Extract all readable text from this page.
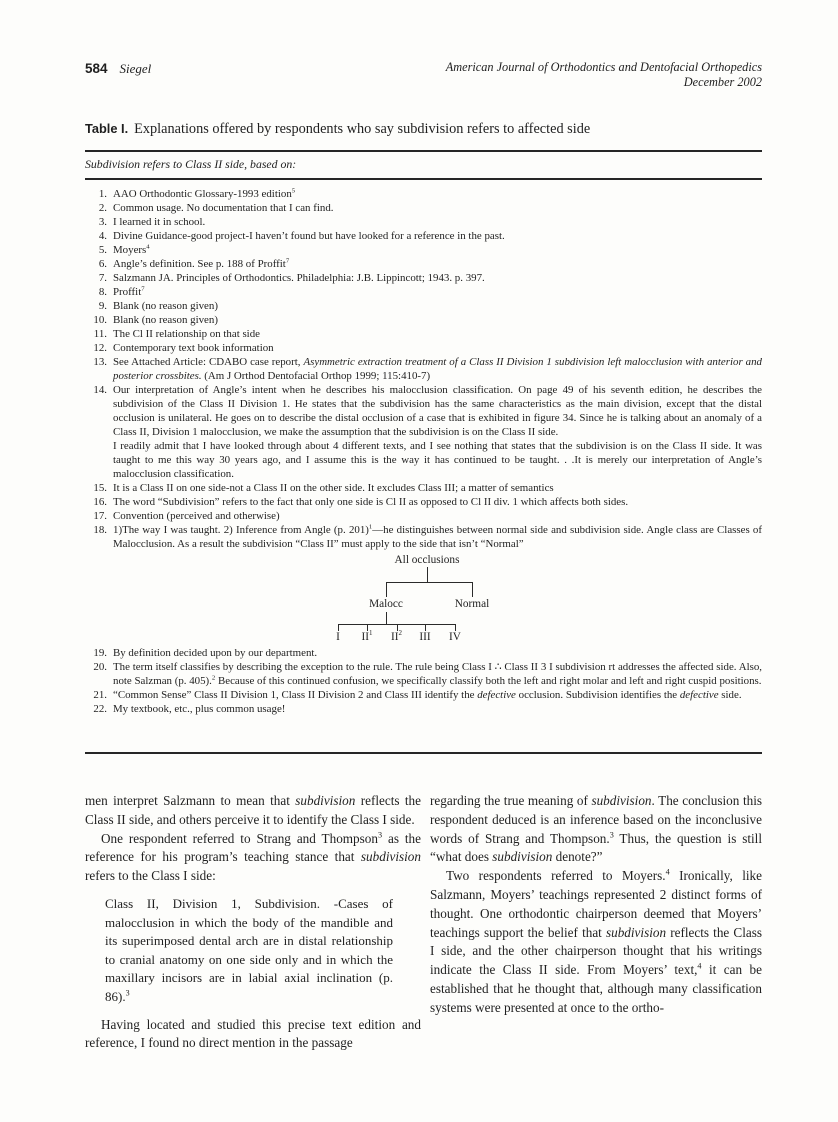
584 Siegel	American Journal of Orthodontics and Dentofacial Orthopedics
December 2002
Table I. Explanations offered by respondents who say subdivision refers to affected side
Subdivision refers to Class II side, based on:
1. AAO Orthodontic Glossary-1993 edition$^5$
2. Common usage. No documentation that I can find.
3. I learned it in school.
4. Divine Guidance-good project-I haven’t found but have looked for a reference in the past.
5. Moyers$^4$
6. Angle’s definition. See p. 188 of Proffit$^7$
7. Salzmann JA. Principles of Orthodontics. Philadelphia: J.B. Lippincott; 1943. p. 397.
8. Proffit$^7$
9. Blank (no reason given)
10. Blank (no reason given)
11. The Cl II relationship on that side
12. Contemporary text book information
13. See Attached Article: CDABO case report, Asymmetric extraction treatment of a Class II Division 1 subdivision left malocclusion with anterior and posterior crossbites. (Am J Orthod Dentofacial Orthop 1999; 115:410-7)
14. Our interpretation of Angle’s intent when he describes his malocclusion classification. On page 49 of his seventh edition, he describes the subdivision of the Class II Division 1. He states that the subdivision has the same characteristics as the main division, except that the distal occlusion is unilateral. He goes on to describe the distal occlusion of a case that is exhibited in figure 34. Since he is talking about an anomaly of a Class II, Division 1 malocclusion, we make the assumption that the subdivision is on the Class II side.
I readily admit that I have looked through about 4 different texts, and I see nothing that states that the subdivision is on the Class II side. It was taught to me this way 30 years ago, and I assume this is the way it has continued to be taught. . .It is merely our interpretation of Angle’s malocclusion classification.
15. It is a Class II on one side-not a Class II on the other side. It excludes Class III; a matter of semantics
16. The word “Subdivision” refers to the fact that only one side is Cl II as opposed to Cl II div. 1 which affects both sides.
17. Convention (perceived and otherwise)
18. 1)The way I was taught. 2) Inference from Angle (p. 201)$^1$—he distinguishes between normal side and subdivision side. Angle class are Classes of Malocclusion. As a result the subdivision “Class II” must apply to the side that isn’t “Normal”
All occlusions
Malocc	Normal
I	$II^1$	$II^2$	III	IV
19. By definition decided upon by our department.
20. The term itself classifies by describing the exception to the rule. The rule being Class I ∴ Class II 3 I subdivision rt addresses the affected side. Also, note Salzman (p. 405).$^2$ Because of this continued confusion, we specifically classify both the left and right molar and left and right cuspid positions.
21. “Common Sense” Class II Division 1, Class II Division 2 and Class III identify the defective occlusion. Subdivision identifies the defective side.
22. My textbook, etc., plus common usage!

men interpret Salzmann to mean that subdivision reflects the Class II side, and others perceive it to identify the Class I side.

One respondent referred to Strang and Thompson$^3$ as the reference for his program’s teaching stance that subdivision refers to the Class I side:

Class II, Division 1, Subdivision. -Cases of malocclusion in which the body of the mandible and its superimposed dental arch are in distal relationship to cranial anatomy on one side only and in which the maxillary incisors are in labial axial inclination (p. 86).$^3$

Having located and studied this precise text edition and reference, I found no direct mention in the passage

regarding the true meaning of subdivision. The conclusion this respondent deduced is an inference based on the inconclusive words of Strang and Thompson.$^3$ Thus, the question is still “what does subdivision denote?”

Two respondents referred to Moyers.$^4$ Ironically, like Salzmann, Moyers’ teachings represented 2 distinct forms of thought. One orthodontic chairperson deemed that Moyers’ teachings support the belief that subdivision reflects the Class I side, and the other chairperson thought that his writings indicate the Class II side. From Moyers’ text,$^4$ it can be established that he thought that, although many classification systems were presented at once to the ortho-
